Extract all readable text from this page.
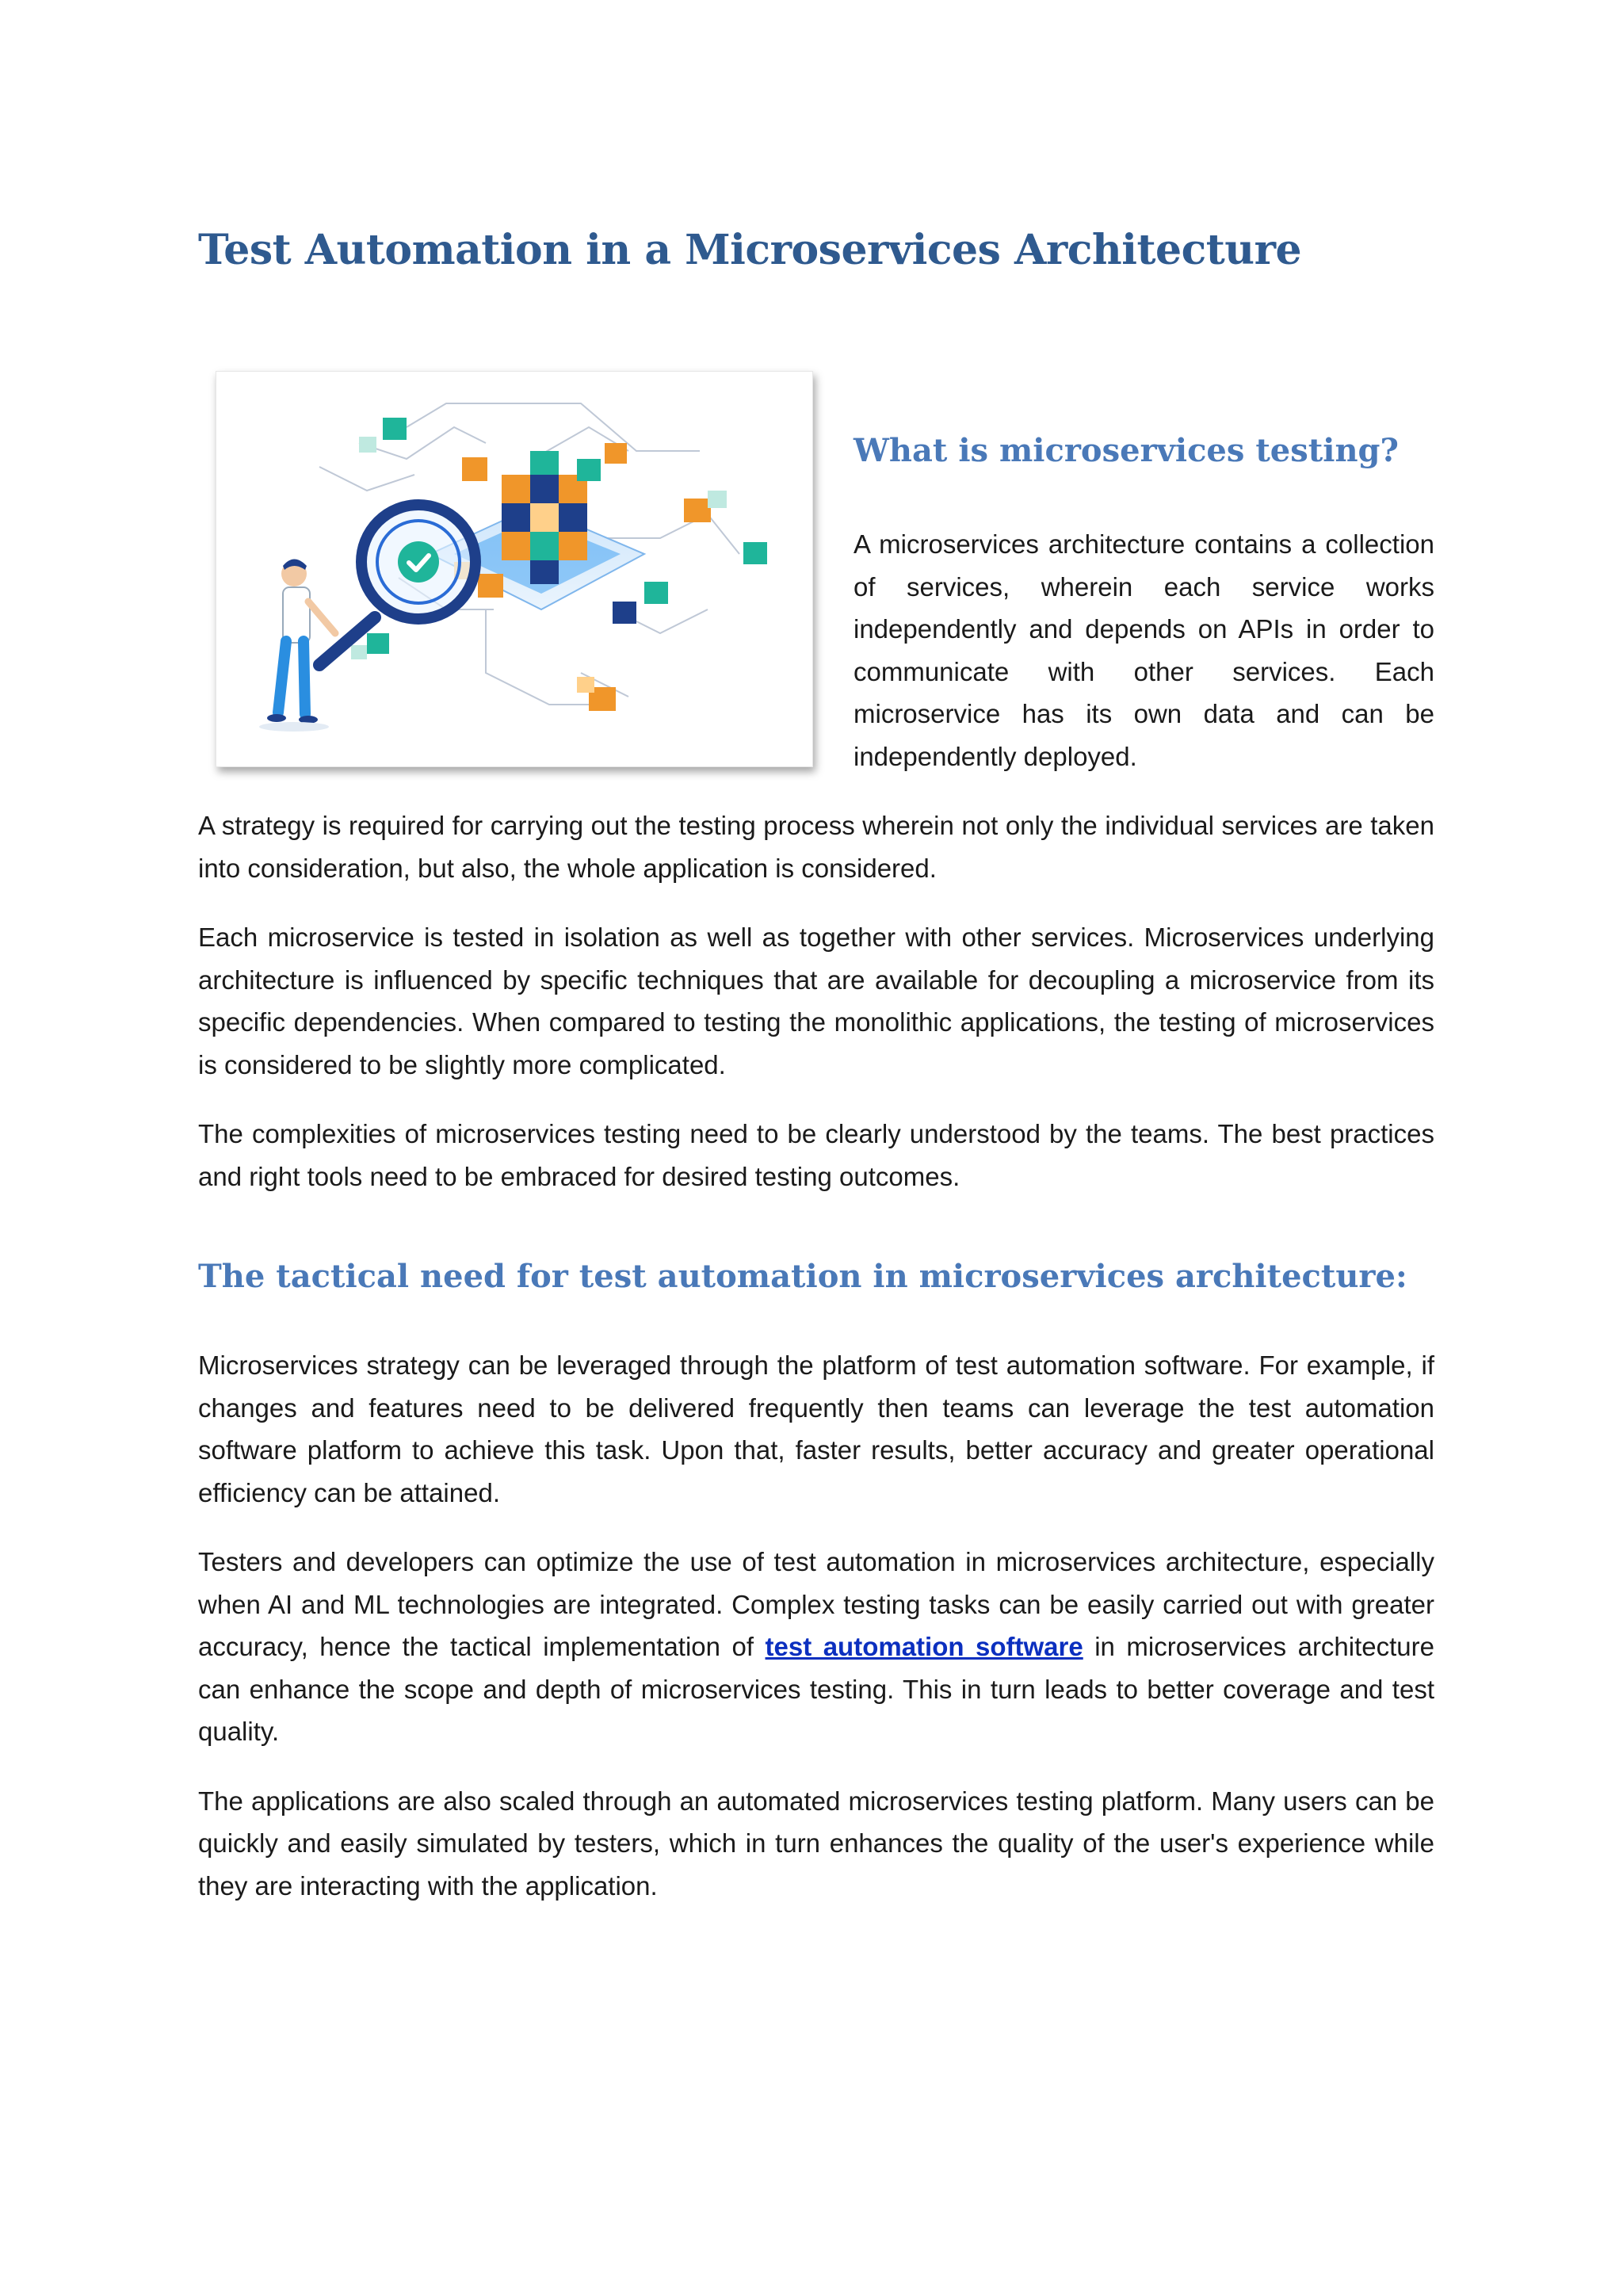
Test Automation in a Microservices Architecture
What is microservices testing?

A microservices architecture contains a collection of services, wherein each service works independently and depends on APIs in order to communicate with other services. Each microservice has its own data and can be independently deployed.

A strategy is required for carrying out the testing process wherein not only the individual services are taken into consideration, but also, the whole application is considered.

Each microservice is tested in isolation as well as together with other services. Microservices underlying architecture is influenced by specific techniques that are available for decoupling a microservice from its specific dependencies. When compared to testing the monolithic applications, the testing of microservices is considered to be slightly more complicated.

The complexities of microservices testing need to be clearly understood by the teams. The best practices and right tools need to be embraced for desired testing outcomes.

The tactical need for test automation in microservices architecture:

Microservices strategy can be leveraged through the platform of test automation software. For example, if changes and features need to be delivered frequently then teams can leverage the test automation software platform to achieve this task. Upon that, faster results, better accuracy and greater operational efficiency can be attained.

Testers and developers can optimize the use of test automation in microservices architecture, especially when AI and ML technologies are integrated. Complex testing tasks can be easily carried out with greater accuracy, hence the tactical implementation of test automation software in microservices architecture can enhance the scope and depth of microservices testing. This in turn leads to better coverage and test quality.

The applications are also scaled through an automated microservices testing platform. Many users can be quickly and easily simulated by testers, which in turn enhances the quality of the user's experience while they are interacting with the application.
